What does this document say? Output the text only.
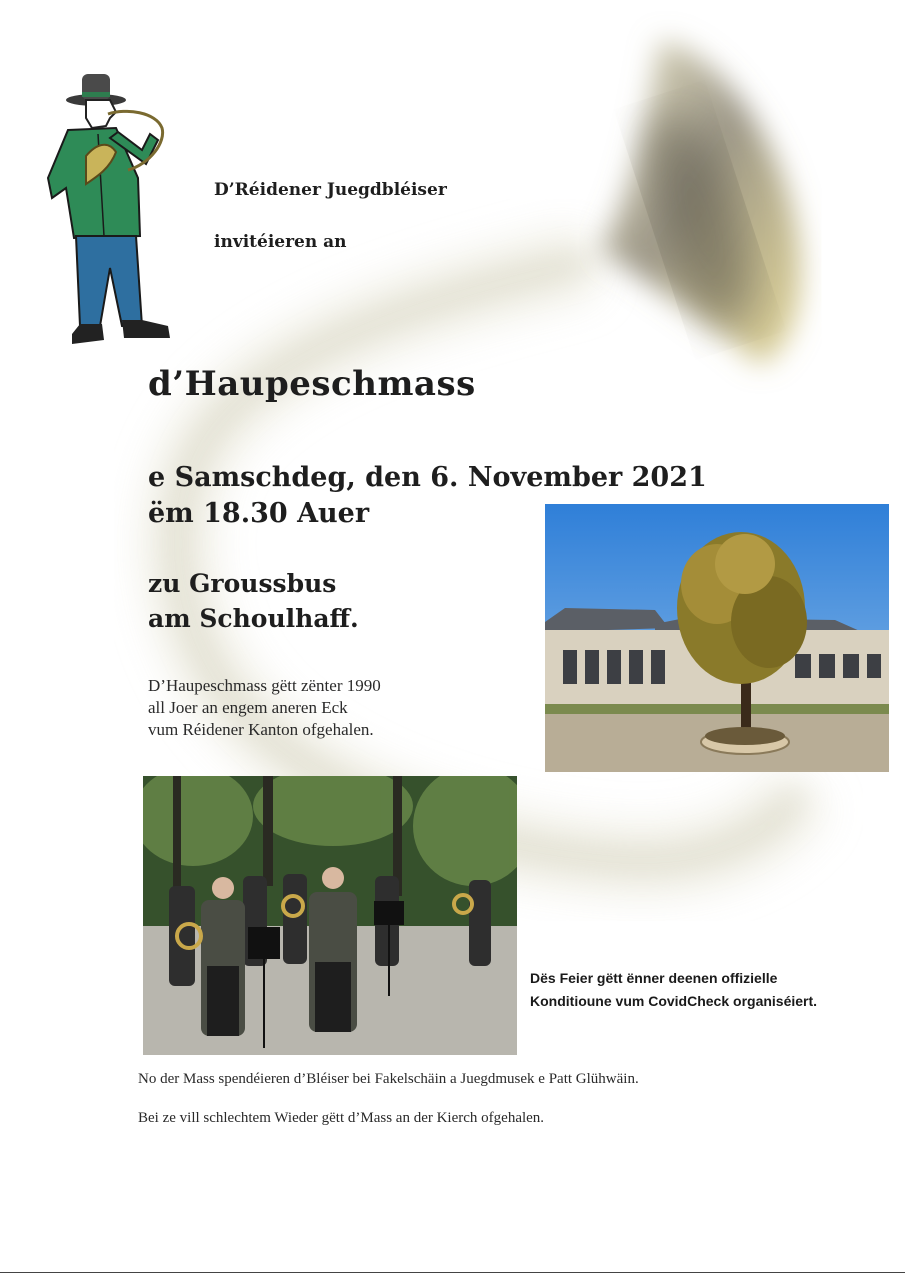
D’Réidener Juegdbléiser
invitéieren an
d’Haupeschmass
e Samschdeg, den 6. November 2021
ëm 18.30 Auer
zu Groussbus
am Schoulhaff.
D’Haupeschmass gëtt zënter 1990
all Joer an engem aneren Eck
vum Réidener Kanton ofgehalen.
Dës Feier gëtt ënner deenen offizielle
Konditioune vum CovidCheck organiséiert.
No der Mass spendéieren d’Bléiser bei Fakelschäin a Juegdmusek e Patt Glühwäin.
Bei ze vill schlechtem Wieder gëtt d’Mass an der Kierch ofgehalen.
